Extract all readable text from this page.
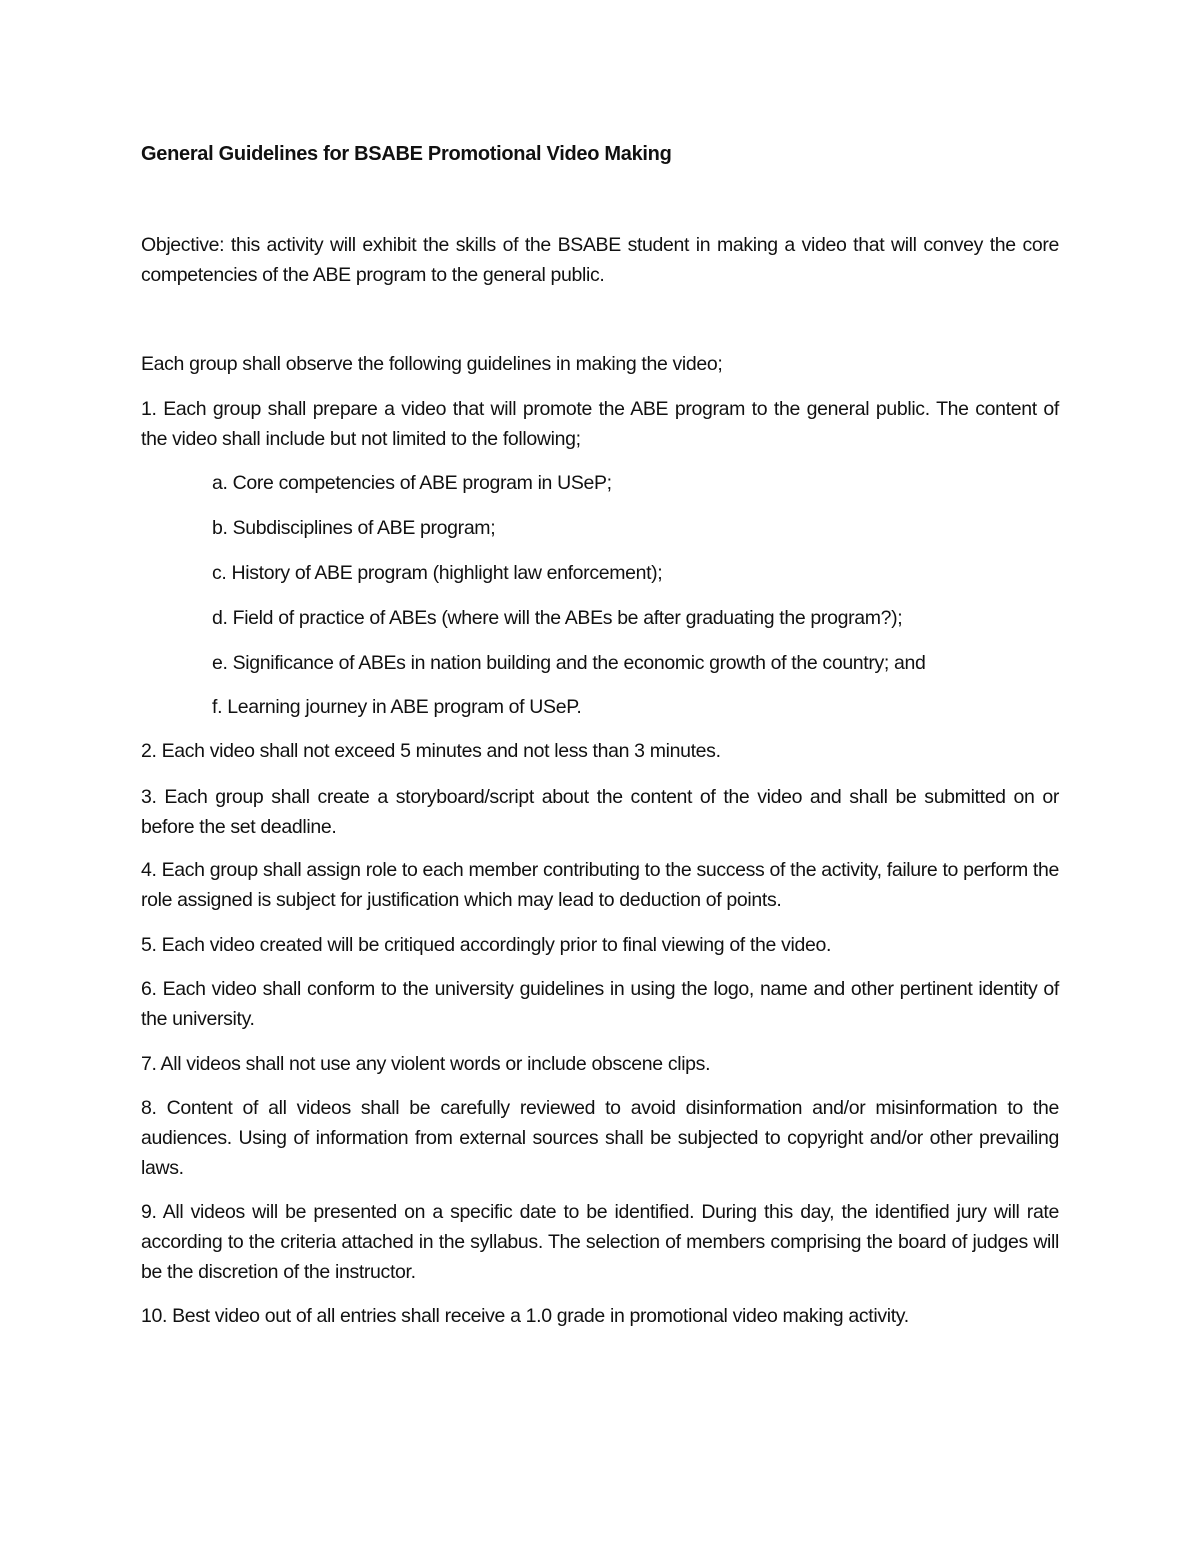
General Guidelines for BSABE Promotional Video Making

Objective: this activity will exhibit the skills of the BSABE student in making a video that will convey the core competencies of the ABE program to the general public.

Each group shall observe the following guidelines in making the video;

1. Each group shall prepare a video that will promote the ABE program to the general public. The content of the video shall include but not limited to the following;

a. Core competencies of ABE program in USeP;

b. Subdisciplines of ABE program;

c. History of ABE program (highlight law enforcement);

d. Field of practice of ABEs (where will the ABEs be after graduating the program?);

e. Significance of ABEs in nation building and the economic growth of the country; and

f. Learning journey in ABE program of USeP.

2. Each video shall not exceed 5 minutes and not less than 3 minutes.

3. Each group shall create a storyboard/script about the content of the video and shall be submitted on or before the set deadline.

4. Each group shall assign role to each member contributing to the success of the activity, failure to perform the role assigned is subject for justification which may lead to deduction of points.

5. Each video created will be critiqued accordingly prior to final viewing of the video.

6. Each video shall conform to the university guidelines in using the logo, name and other pertinent identity of the university.

7. All videos shall not use any violent words or include obscene clips.

8. Content of all videos shall be carefully reviewed to avoid disinformation and/or misinformation to the audiences. Using of information from external sources shall be subjected to copyright and/or other prevailing laws.

9. All videos will be presented on a specific date to be identified. During this day, the identified jury will rate according to the criteria attached in the syllabus. The selection of members comprising the board of judges will be the discretion of the instructor.

10. Best video out of all entries shall receive a 1.0 grade in promotional video making activity.
